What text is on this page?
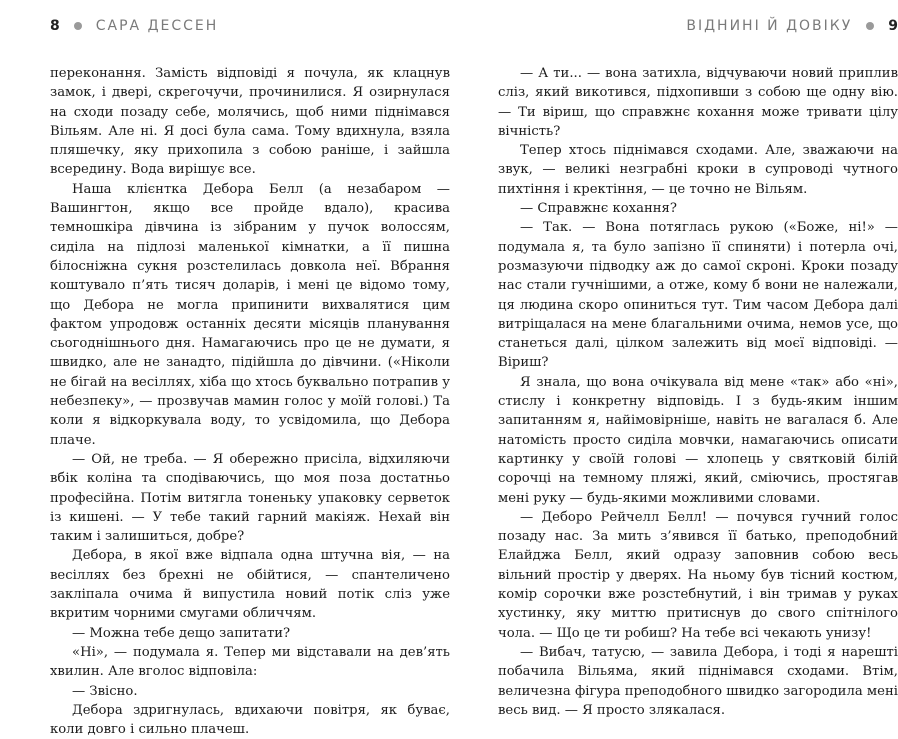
8	САРА ДЕССЕН

переконання. Замість відповіді я почула, як клацнув замок, і двері, скрегочучи, прочинилися. Я озирнулася на сходи позаду себе, молячись, щоб ними піднімався Вільям. Але ні. Я досі була сама. Тому вдихнула, взяла пляшечку, яку прихопила з собою раніше, і зайшла всередину. Вода вирішує все.

Наша клієнтка Дебора Белл (а незабаром — Вашингтон, якщо все пройде вдало), красива темношкіра дівчина із зібраним у пучок волоссям, сиділа на підлозі маленької кімнатки, а її пишна білосніжна сукня розстелилась довкола неї. Вбрання коштувало п’ять тисяч доларів, і мені це відомо тому, що Дебора не могла припинити вихвалятися цим фактом упродовж останніх десяти місяців планування сьогоднішнього дня. Намагаючись про це не думати, я швидко, але не занадто, підійшла до дівчини. («Ніколи не бігай на весіллях, хіба що хтось буквально потрапив у небезпеку», — прозвучав мамин голос у моїй голові.) Та коли я відкоркувала воду, то усвідомила, що Дебора плаче.

— Ой, не треба. — Я обережно присіла, відхиляючи вбік коліна та сподіваючись, що моя поза достатньо професійна. Потім витягла тоненьку упаковку серветок із кишені. — У тебе такий гарний макіяж. Нехай він таким і залишиться, добре?

Дебора, в якої вже відпала одна штучна вія, — на весіллях без брехні не обійтися, — спантеличено закліпала очима й випустила новий потік сліз уже вкритим чорними смугами обличчям.

— Можна тебе дещо запитати?

«Ні», — подумала я. Тепер ми відставали на дев’ять хвилин. Але вголос відповіла:

— Звісно.

Дебора здригнулась, вдихаючи повітря, як буває, коли довго і сильно плачеш.

ВІДНИНІ Й ДОВІКУ	9

— А ти... — вона затихла, відчуваючи новий приплив сліз, який викотився, підхопивши з собою ще одну вію. — Ти віриш, що справжнє кохання може тривати цілу вічність?

Тепер хтось піднімався сходами. Але, зважаючи на звук, — великі незграбні кроки в супроводі чутного пихтіння і кректіння, — це точно не Вільям.

— Справжнє кохання?

— Так. — Вона потяглась рукою («Боже, ні!» — подумала я, та було запізно її спиняти) і потерла очі, розмазуючи підводку аж до самої скроні. Кроки позаду нас стали гучнішими, а отже, кому б вони не належали, ця людина скоро опиниться тут. Тим часом Дебора далі витріщалася на мене благальними очима, немов усе, що станеться далі, цілком залежить від моєї відповіді. — Віриш?

Я знала, що вона очікувала від мене «так» або «ні», стислу і конкретну відповідь. І з будь-яким іншим запитанням я, найімовірніше, навіть не вагалася б. Але натомість просто сиділа мовчки, намагаючись описати картинку у своїй голові — хлопець у святковій білій сорочці на темному пляжі, який, сміючись, простягав мені руку — будь-якими можливими словами.

— Деборо Рейчелл Белл! — почувся гучний голос позаду нас. За мить з’явився її батько, преподобний Елайджа Белл, який одразу заповнив собою весь вільний простір у дверях. На ньому був тісний костюм, комір сорочки вже розстебнутий, і він тримав у руках хустинку, яку миттю притиснув до свого спітнілого чола. — Що це ти робиш? На тебе всі чекають унизу!

— Вибач, татусю, — завила Дебора, і тоді я нарешті побачила Вільяма, який піднімався сходами. Втім, величезна фігура преподобного швидко загородила мені весь вид. — Я просто злякалася.
